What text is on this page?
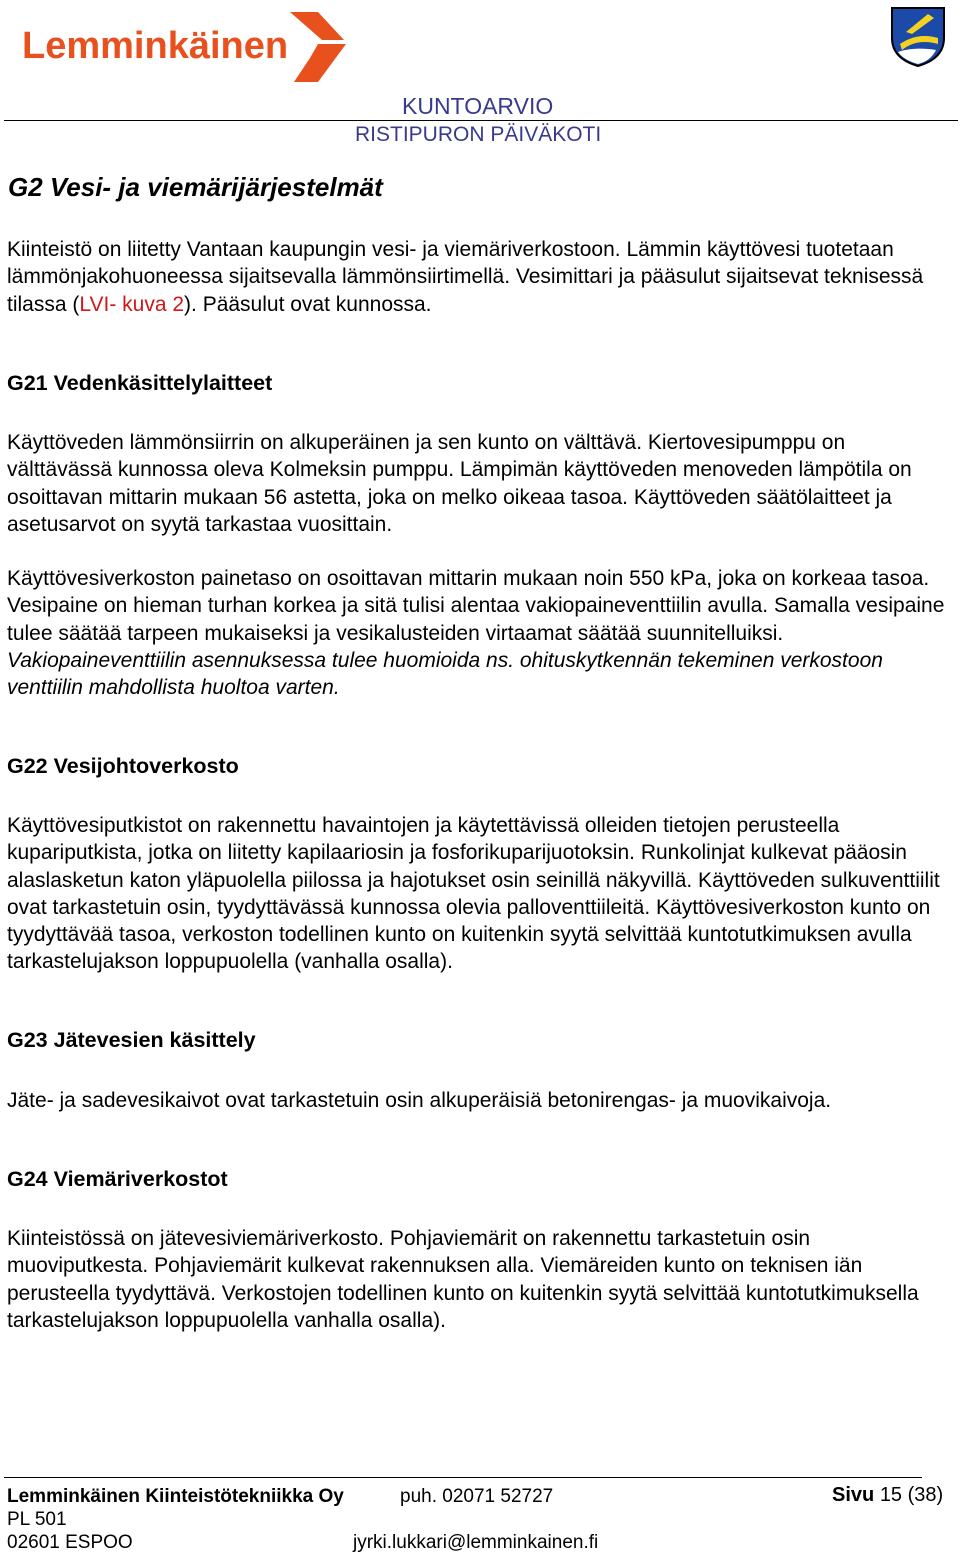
Lemminkäinen
KUNTOARVIO
RISTIPURON PÄIVÄKOTI
G2 Vesi- ja viemärijärjestelmät

Kiinteistö on liitetty Vantaan kaupungin vesi- ja viemäriverkostoon. Lämmin käyttövesi tuotetaan lämmönjakohuoneessa sijaitsevalla lämmönsiirtimellä. Vesimittari ja pääsulut sijaitsevat teknisessä tilassa (LVI- kuva 2). Pääsulut ovat kunnossa.

G21 Vedenkäsittelylaitteet

Käyttöveden lämmönsiirrin on alkuperäinen ja sen kunto on välttävä. Kiertovesipumppu on välttävässä kunnossa oleva Kolmeksin pumppu. Lämpimän käyttöveden menoveden lämpötila on osoittavan mittarin mukaan 56 astetta, joka on melko oikeaa tasoa. Käyttöveden säätölaitteet ja asetusarvot on syytä tarkastaa vuosittain.

Käyttövesiverkoston painetaso on osoittavan mittarin mukaan noin 550 kPa, joka on korkeaa tasoa. Vesipaine on hieman turhan korkea ja sitä tulisi alentaa vakiopaineventtiilin avulla. Samalla vesipaine tulee säätää tarpeen mukaiseksi ja vesikalusteiden virtaamat säätää suunnitelluiksi. Vakiopaineventtiilin asennuksessa tulee huomioida ns. ohituskytkennän tekeminen verkostoon venttiilin mahdollista huoltoa varten.

G22 Vesijohtoverkosto

Käyttövesiputkistot on rakennettu havaintojen ja käytettävissä olleiden tietojen perusteella kupariputkista, jotka on liitetty kapilaariosin ja fosforikuparijuotoksin. Runkolinjat kulkevat pääosin alaslasketun katon yläpuolella piilossa ja hajotukset osin seinillä näkyvillä. Käyttöveden sulkuventtiilit ovat tarkastetuin osin, tyydyttävässä kunnossa olevia palloventtiileitä. Käyttövesiverkoston kunto on tyydyttävää tasoa, verkoston todellinen kunto on kuitenkin syytä selvittää kuntotutkimuksen avulla tarkastelujakson loppupuolella (vanhalla osalla).

G23 Jätevesien käsittely

Jäte- ja sadevesikaivot ovat tarkastetuin osin alkuperäisiä betonirengas- ja muovikaivoja.

G24 Viemäriverkostot

Kiinteistössä on jätevesiviemäriverkosto. Pohjaviemärit on rakennettu tarkastetuin osin muoviputkesta. Pohjaviemärit kulkevat rakennuksen alla. Viemäreiden kunto on teknisen iän perusteella tyydyttävä. Verkostojen todellinen kunto on kuitenkin syytä selvittää kuntotutkimuksella tarkastelujakson loppupuolella vanhalla osalla).

Lemminkäinen Kiinteistötekniikka Oy
PL 501
02601 ESPOO
puh. 02071 52727
jyrki.lukkari@lemminkainen.fi
Sivu 15 (38)
